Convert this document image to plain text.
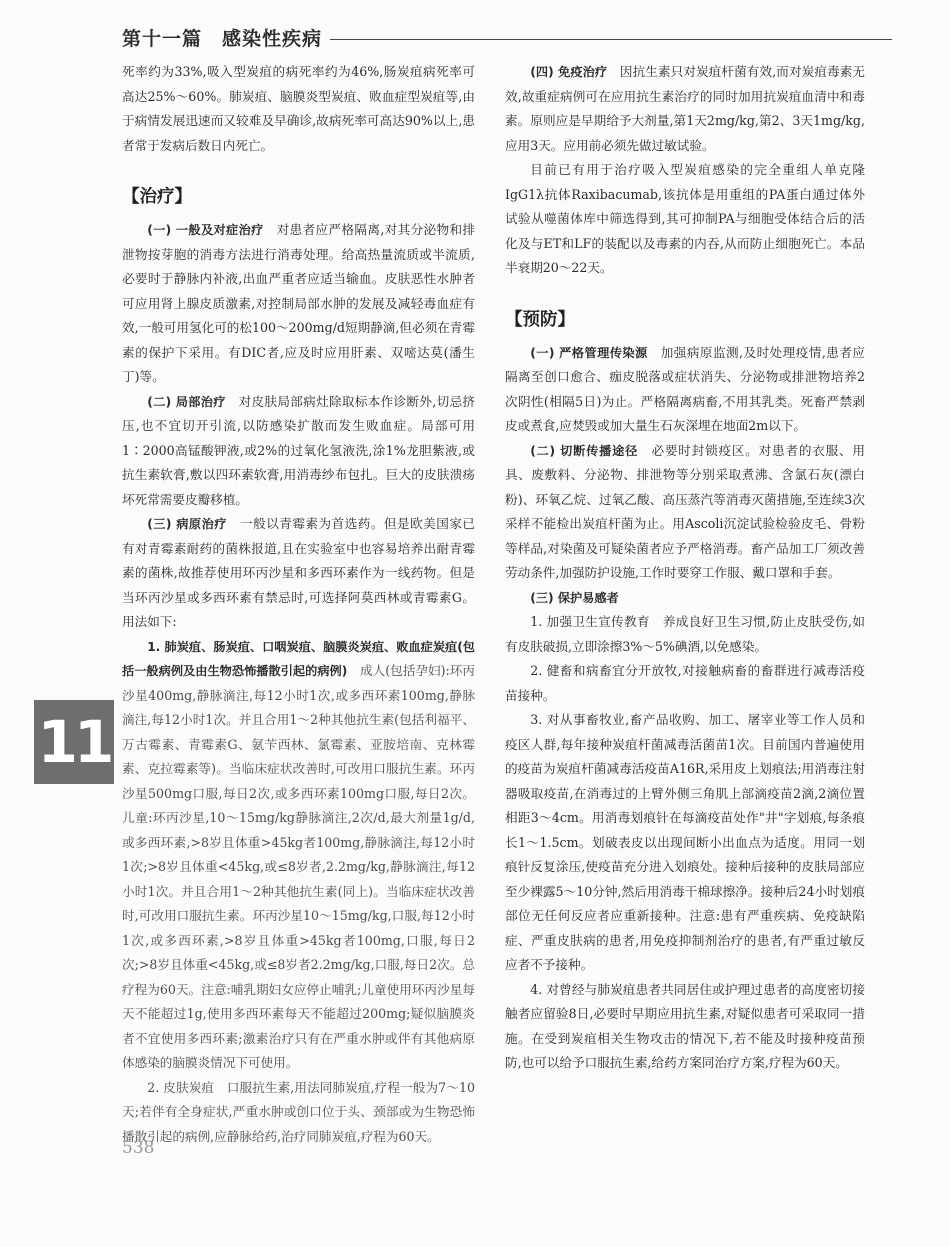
第十一篇　感染性疾病
11

死率约为33%,吸入型炭疽的病死率约为46%,肠炭疽病死率可高达25%～60%。肺炭疽、脑膜炎型炭疽、败血症型炭疽等,由于病情发展迅速而又较难及早确诊,故病死率可高达90%以上,患者常于发病后数日内死亡。

【治疗】

(一) 一般及对症治疗　 对患者应严格隔离,对其分泌物和排泄物按芽胞的消毒方法进行消毒处理。给高热量流质或半流质,必要时于静脉内补液,出血严重者应适当输血。皮肤恶性水肿者可应用肾上腺皮质激素,对控制局部水肿的发展及减轻毒血症有效,一般可用氢化可的松100～200mg/d短期静滴,但必须在青霉素的保护下采用。有DIC者,应及时应用肝素、双嘧达莫(潘生丁)等。

(二) 局部治疗　 对皮肤局部病灶除取标本作诊断外,切忌挤压,也不宜切开引流,以防感染扩散而发生败血症。局部可用1∶2000高锰酸钾液,或2%的过氧化氢液洗,涂1%龙胆紫液,或抗生素软膏,敷以四环素软膏,用消毒纱布包扎。巨大的皮肤溃疡坏死常需要皮瓣移植。

(三) 病原治疗　 一般以青霉素为首选药。但是欧美国家已有对青霉素耐药的菌株报道,且在实验室中也容易培养出耐青霉素的菌株,故推荐使用环丙沙星和多西环素作为一线药物。但是当环丙沙星或多西环素有禁忌时,可选择阿莫西林或青霉素G。用法如下:

1. 肺炭疽、肠炭疽、口咽炭疽、脑膜炎炭疽、败血症炭疽(包括一般病例及由生物恐怖播散引起的病例)　 成人(包括孕妇):环丙沙星400mg,静脉滴注,每12小时1次,或多西环素100mg,静脉滴注,每12小时1次。并且合用1～2种其他抗生素(包括利福平、万古霉素、青霉素G、氨苄西林、氯霉素、亚胺培南、克林霉素、克拉霉素等)。当临床症状改善时,可改用口服抗生素。环丙沙星500mg口服,每日2次,或多西环素100mg口服,每日2次。儿童:环丙沙星,10～15mg/kg静脉滴注,2次/d,最大剂量1g/d,或多西环素,>8岁且体重>45kg者100mg,静脉滴注,每12小时1次;>8岁且体重<45kg,或≤8岁者,2.2mg/kg,静脉滴注,每12小时1次。并且合用1～2种其他抗生素(同上)。当临床症状改善时,可改用口服抗生素。环丙沙星10～15mg/kg,口服,每12小时1次,或多西环素,>8岁且体重>45kg者100mg,口服,每日2次;>8岁且体重<45kg,或≤8岁者2.2mg/kg,口服,每日2次。总疗程为60天。注意:哺乳期妇女应停止哺乳;儿童使用环丙沙星每天不能超过1g,使用多西环素每天不能超过200mg;疑似脑膜炎者不宜使用多西环素;激素治疗只有在严重水肿或伴有其他病原体感染的脑膜炎情况下可使用。

2. 皮肤炭疽　 口服抗生素,用法同肺炭疽,疗程一般为7～10天;若伴有全身症状,严重水肿或创口位于头、颈部或为生物恐怖播散引起的病例,应静脉给药,治疗同肺炭疽,疗程为60天。

(四) 免疫治疗　 因抗生素只对炭疽杆菌有效,而对炭疽毒素无效,故重症病例可在应用抗生素治疗的同时加用抗炭疽血清中和毒素。原则应是早期给予大剂量,第1天2mg/kg,第2、3天1mg/kg,应用3天。应用前必须先做过敏试验。

目前已有用于治疗吸入型炭疽感染的完全重组人单克隆IgG1λ抗体Raxibacumab,该抗体是用重组的PA蛋白通过体外试验从噬菌体库中筛选得到,其可抑制PA与细胞受体结合后的活化及与ET和LF的装配以及毒素的内吞,从而防止细胞死亡。本品半衰期20～22天。

【预防】

(一) 严格管理传染源　 加强病原监测,及时处理疫情,患者应隔离至创口愈合、痂皮脱落或症状消失、分泌物或排泄物培养2次阴性(相隔5日)为止。严格隔离病畜,不用其乳类。死畜严禁剥皮或煮食,应焚毁或加大量生石灰深埋在地面2m以下。

(二) 切断传播途径　 必要时封锁疫区。对患者的衣服、用具、废敷料、分泌物、排泄物等分别采取煮沸、含氯石灰(漂白粉)、环氧乙烷、过氧乙酸、高压蒸汽等消毒灭菌措施,至连续3次采样不能检出炭疽杆菌为止。用Ascoli沉淀试验检验皮毛、骨粉等样品,对染菌及可疑染菌者应予严格消毒。畜产品加工厂须改善劳动条件,加强防护设施,工作时要穿工作服、戴口罩和手套。

(三) 保护易感者

1. 加强卫生宣传教育　 养成良好卫生习惯,防止皮肤受伤,如有皮肤破损,立即涂擦3%～5%碘酒,以免感染。

2. 健畜和病畜宜分开放牧,对接触病畜的畜群进行减毒活疫苗接种。

3. 对从事畜牧业,畜产品收购、加工、屠宰业等工作人员和疫区人群,每年接种炭疽杆菌减毒活菌苗1次。目前国内普遍使用的疫苗为炭疽杆菌减毒活疫苗A16R,采用皮上划痕法;用消毒注射器吸取疫苗,在消毒过的上臂外侧三角肌上部滴疫苗2滴,2滴位置相距3～4cm。用消毒划痕针在每滴疫苗处作"井"字划痕,每条痕长1～1.5cm。划破表皮以出现间断小出血点为适度。用同一划痕针反复涂压,使疫苗充分进入划痕处。接种后接种的皮肤局部应至少裸露5～10分钟,然后用消毒干棉球擦净。接种后24小时划痕部位无任何反应者应重新接种。注意:患有严重疾病、免疫缺陷症、严重皮肤病的患者,用免疫抑制剂治疗的患者,有严重过敏反应者不予接种。

4. 对曾经与肺炭疽患者共同居住或护理过患者的高度密切接触者应留验8日,必要时早期应用抗生素,对疑似患者可采取同一措施。在受到炭疽相关生物攻击的情况下,若不能及时接种疫苗预防,也可以给予口服抗生素,给药方案同治疗方案,疗程为60天。

538
